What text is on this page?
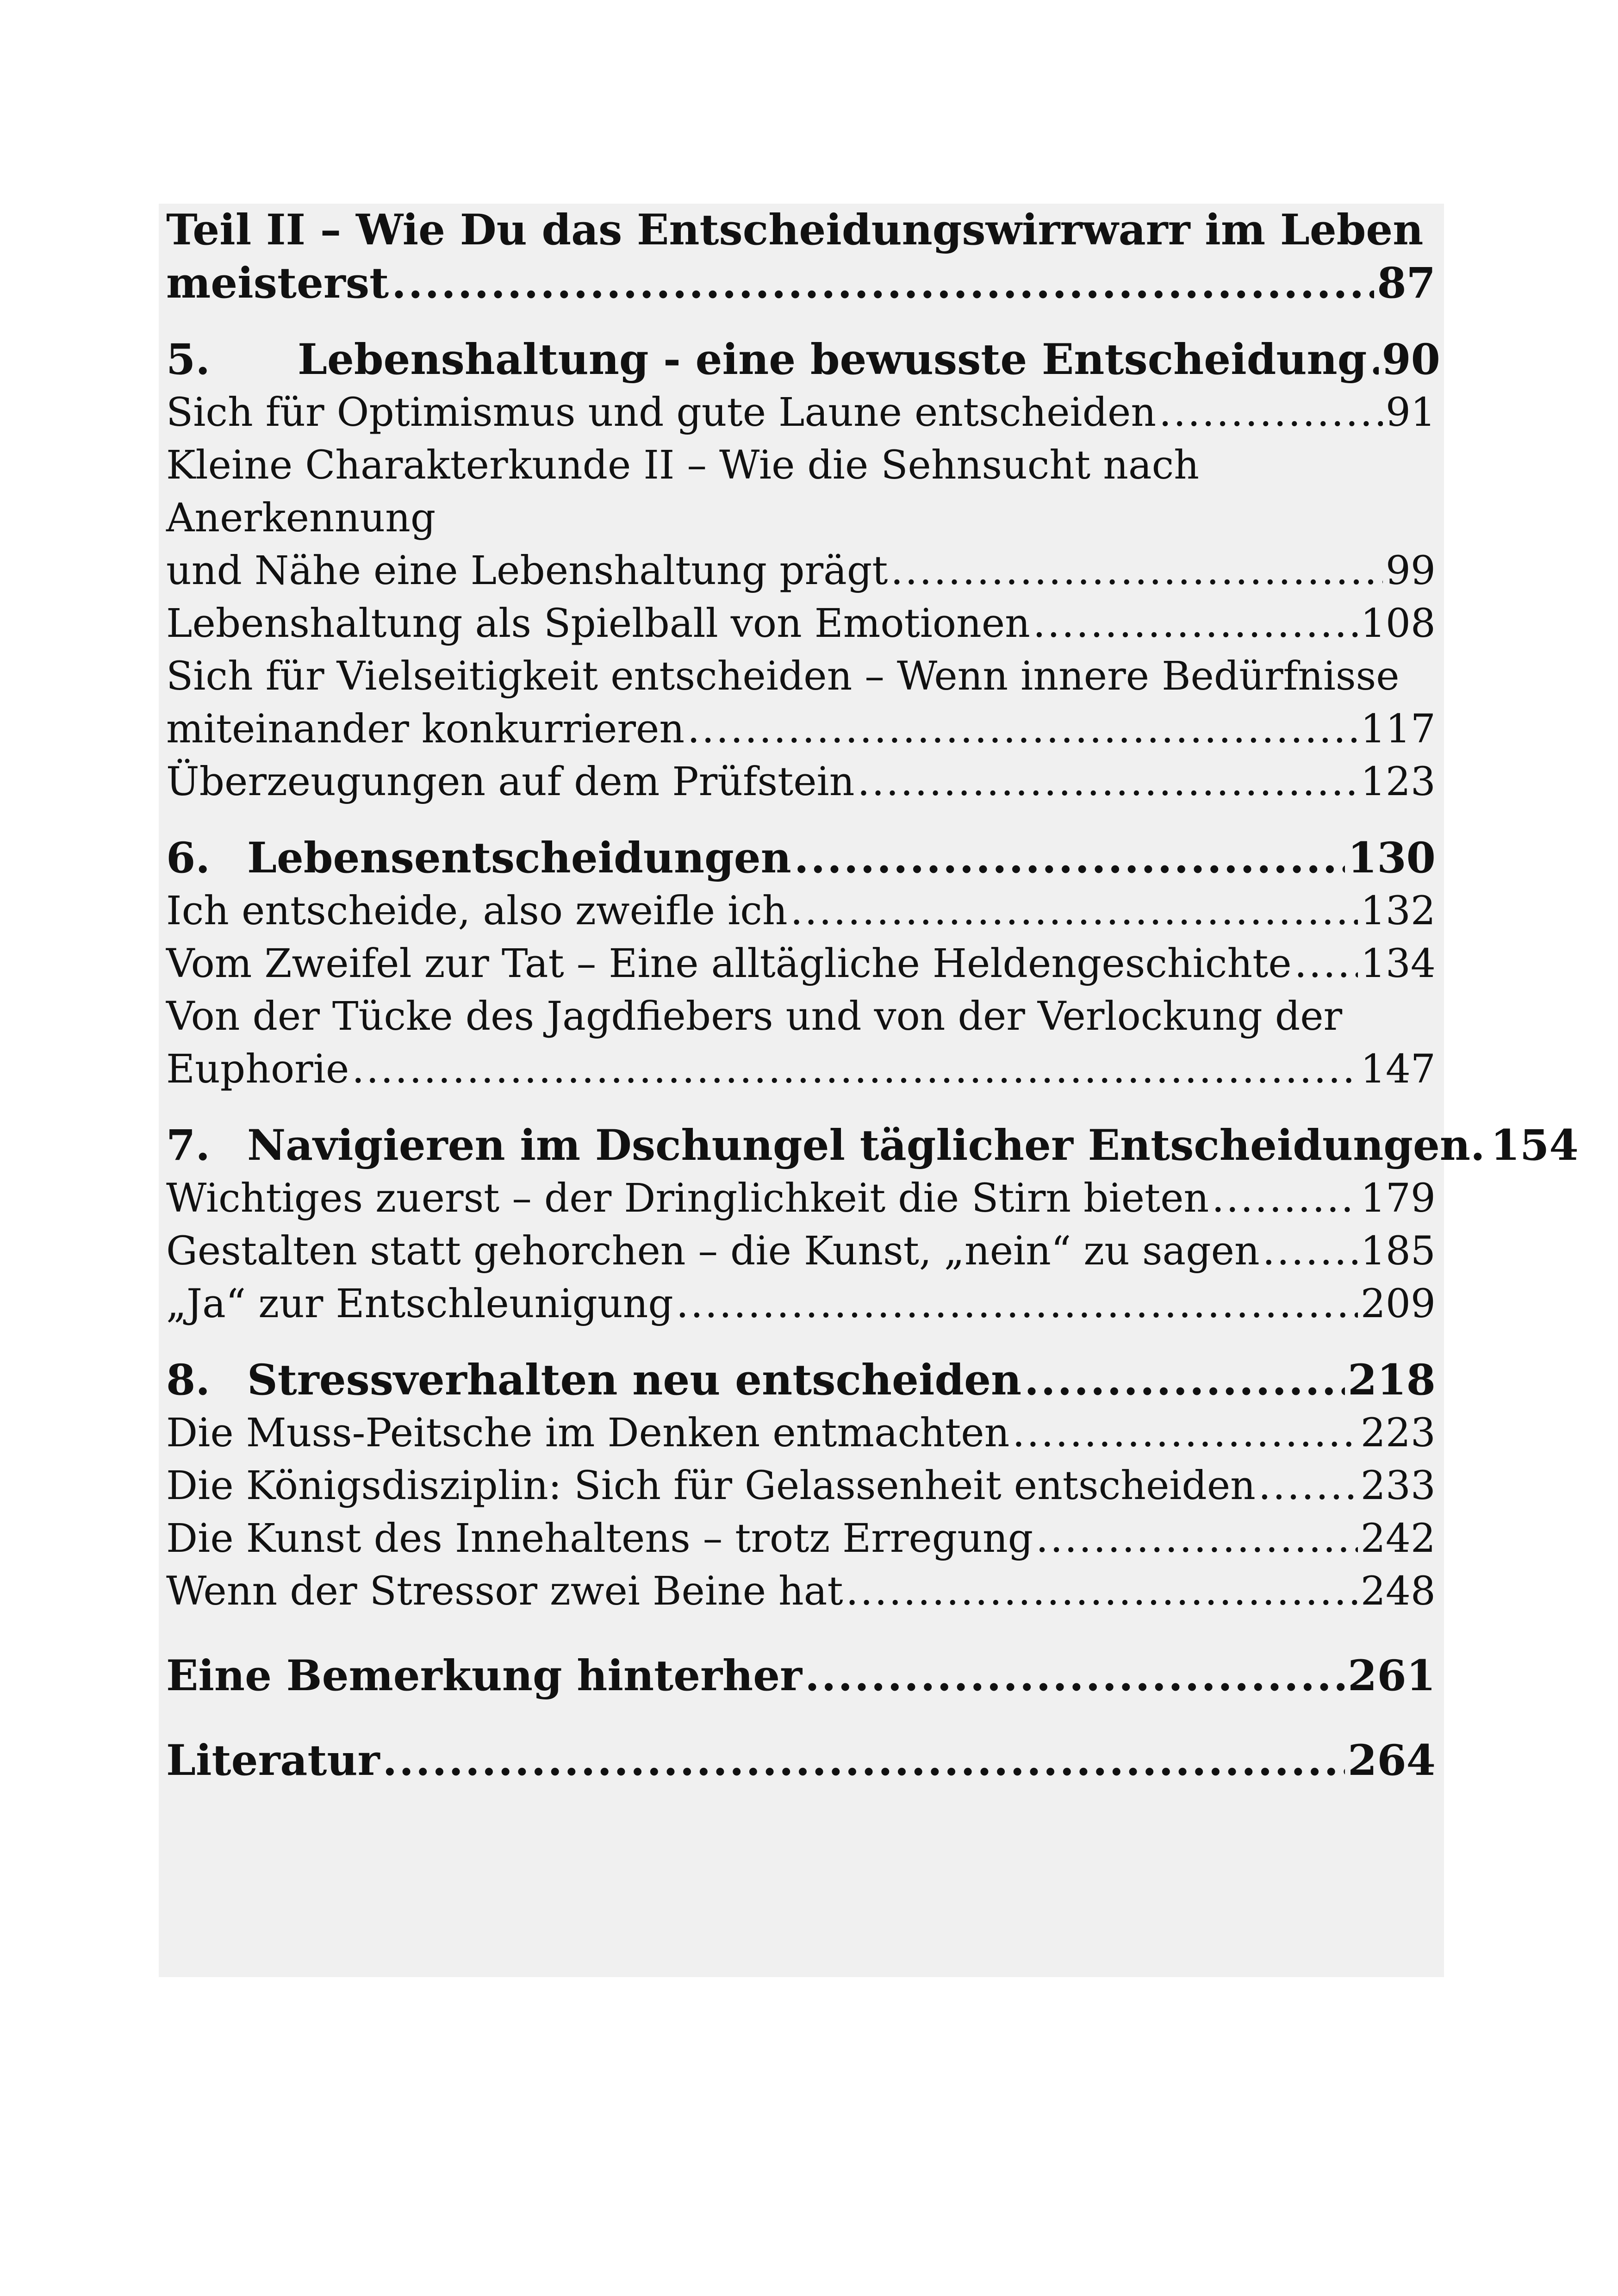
Teil II – Wie Du das Entscheidungswirrwarr im Leben
meisterst .....	87
5. Lebenshaltung - eine bewusste Entscheidung ..... 90
Sich für Optimismus und gute Laune entscheiden .....	91
Kleine Charakterkunde II – Wie die Sehnsucht nach Anerkennung
und Nähe eine Lebenshaltung prägt .....	99
Lebenshaltung als Spielball von Emotionen .....	108
Sich für Vielseitigkeit entscheiden – Wenn innere Bedürfnisse
miteinander konkurrieren .....	117
Überzeugungen auf dem Prüfstein .....	123
6. Lebensentscheidungen .....	130
Ich entscheide, also zweifle ich .....	132
Vom Zweifel zur Tat – Eine alltägliche Heldengeschichte ..... 134
Von der Tücke des Jagdfiebers und von der Verlockung der
Euphorie .....	147
7. Navigieren im Dschungel täglicher Entscheidungen. 154
Wichtiges zuerst – der Dringlichkeit die Stirn bieten .....	179
Gestalten statt gehorchen – die Kunst, „nein“ zu sagen .....	185
„Ja“ zur Entschleunigung .....	209
8. Stressverhalten neu entscheiden .....	218
Die Muss-Peitsche im Denken entmachten .....	223
Die Königsdisziplin: Sich für Gelassenheit entscheiden .....	233
Die Kunst des Innehaltens – trotz Erregung .....	242
Wenn der Stressor zwei Beine hat .....	248
Eine Bemerkung hinterher .....	261
Literatur .....	264
